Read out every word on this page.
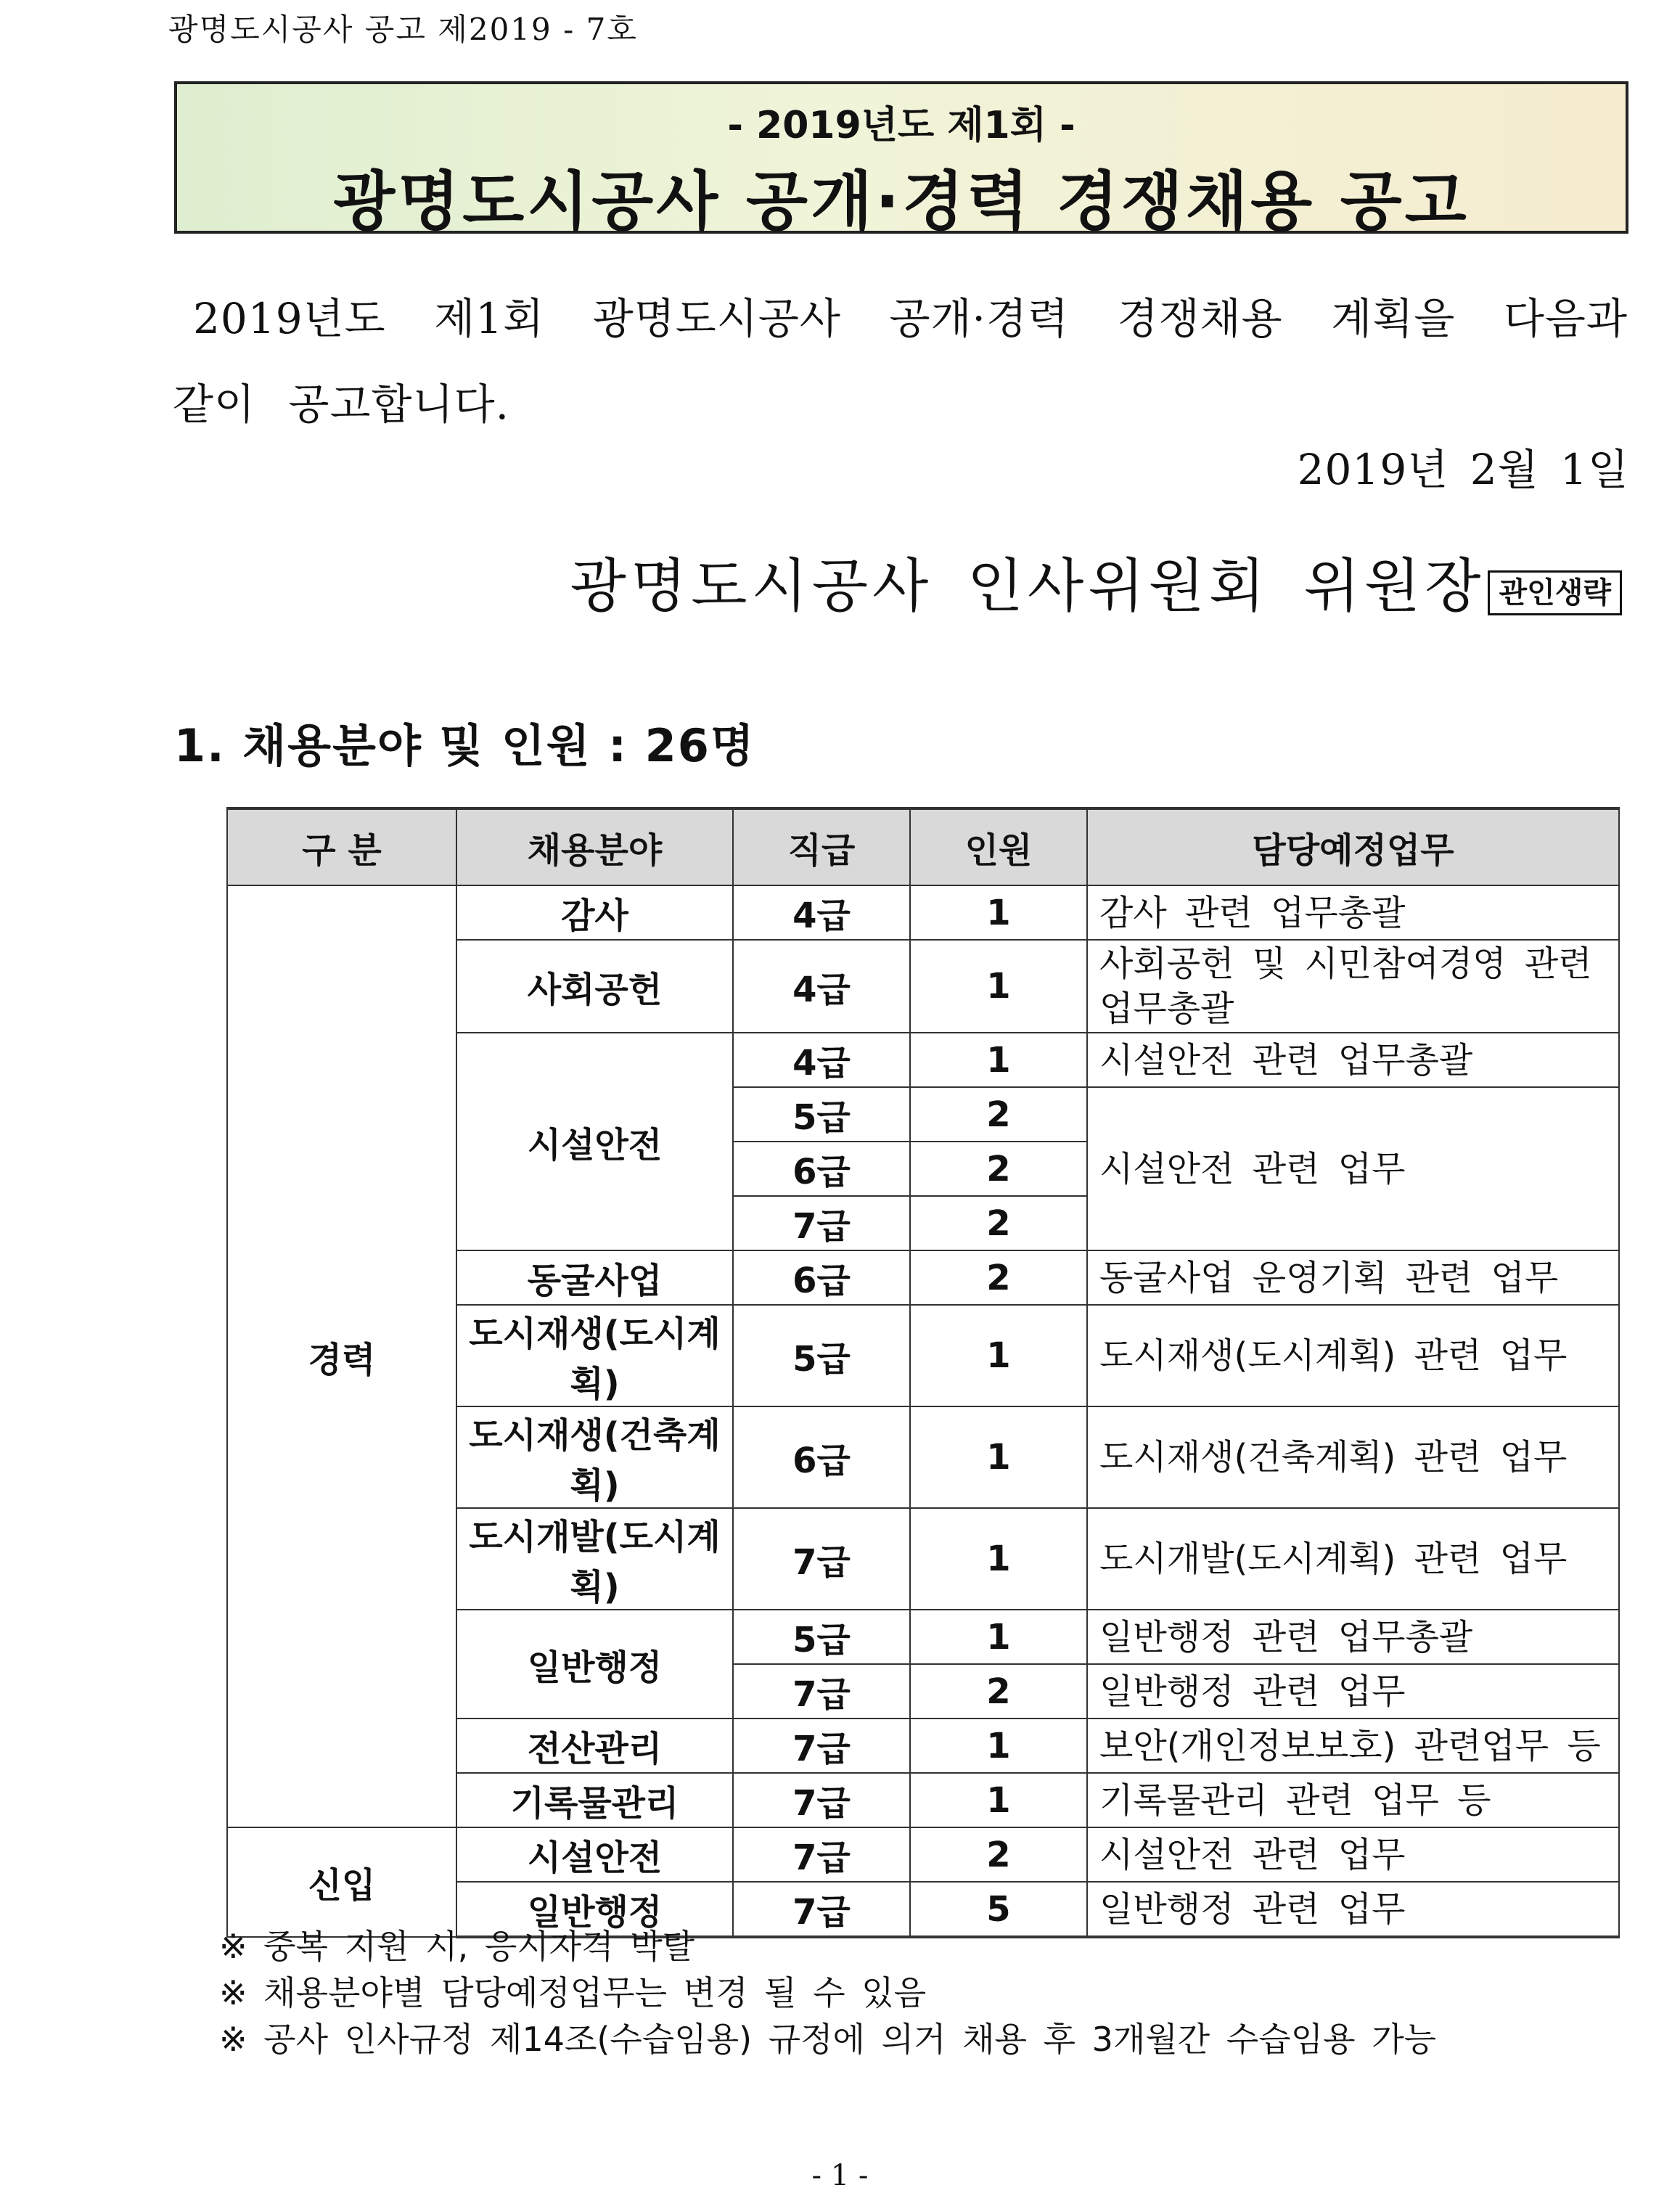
광명도시공사 공고 제2019 - 7호
- 2019년도 제1회 -
광명도시공사 공개·경력 경쟁채용 공고
2019년도 제1회 광명도시공사 공개·경력 경쟁채용 계획을 다음과
같이 공고합니다.
2019년 2월 1일
광명도시공사 인사위원회 위원장 관인생략
1. 채용분야 및 인원 : 26명
구 분	채용분야	직급	인원	담당예정업무
경력	감사	4급	1	감사 관련 업무총괄
	사회공헌	4급	1	사회공헌 및 시민참여경영 관련 업무총괄
	시설안전	4급	1	시설안전 관련 업무총괄
		5급	2	시설안전 관련 업무
		6급	2	
		7급	2	
	동굴사업	6급	2	동굴사업 운영기획 관련 업무
	도시재생(도시계획)	5급	1	도시재생(도시계획) 관련 업무
	도시재생(건축계획)	6급	1	도시재생(건축계획) 관련 업무
	도시개발(도시계획)	7급	1	도시개발(도시계획) 관련 업무
	일반행정	5급	1	일반행정 관련 업무총괄
		7급	2	일반행정 관련 업무
	전산관리	7급	1	보안(개인정보보호) 관련업무 등
	기록물관리	7급	1	기록물관리 관련 업무 등
신입	시설안전	7급	2	시설안전 관련 업무
	일반행정	7급	5	일반행정 관련 업무
※ 중복 지원 시, 응시자격 박탈
※ 채용분야별 담당예정업무는 변경 될 수 있음
※ 공사 인사규정 제14조(수습임용) 규정에 의거 채용 후 3개월간 수습임용 가능
- 1 -
